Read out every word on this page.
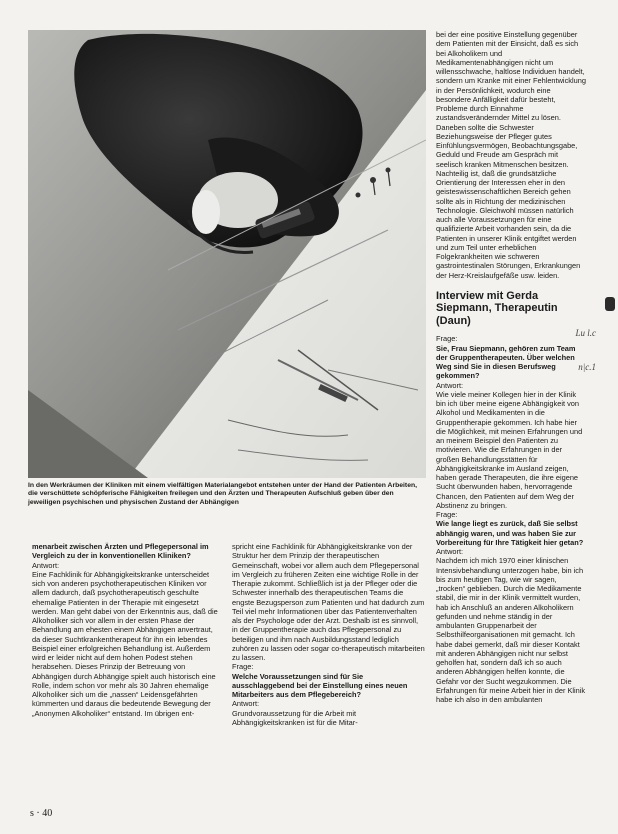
In den Werkräumen der Kliniken mit einem vielfältigen Materialangebot entstehen unter der Hand der Patienten Arbeiten, die verschüttete schöpferische Fähigkeiten freilegen und den Ärzten und Therapeuten Aufschluß geben über den jeweiligen psychischen und physischen Zustand der Abhängigen

bei der eine positive Einstellung gegenüber dem Patienten mit der Einsicht, daß es sich bei Alkoholikern und Medikamentenabhängigen nicht um willensschwache, haltlose Individuen handelt, sondern um Kranke mit einer Fehlentwicklung in der Persönlichkeit, wodurch eine besondere Anfälligkeit dafür besteht, Probleme durch Einnahme zustandsverändernder Mittel zu lösen. Daneben sollte die Schwester Beziehungsweise der Pfleger gutes Einfühlungsvermögen, Beobachtungsgabe, Geduld und Freude am Gespräch mit seelisch kranken Mitmenschen besitzen. Nachteilig ist, daß die grundsätzliche Orientierung der Interessen eher in den geisteswissenschaftlichen Bereich gehen sollte als in Richtung der medizinischen Technologie. Gleichwohl müssen natürlich auch alle Voraussetzungen für eine qualifizierte Arbeit vorhanden sein, da die Patienten in unserer Klinik entgiftet werden und zum Teil unter erheblichen Folgekrankheiten wie schweren gastrointestinalen Störungen, Erkrankungen der Herz-Kreislaufgefäße usw. leiden.

Interview mit Gerda Siepmann, Therapeutin (Daun)

Frage:

Sie, Frau Siepmann, gehören zum Team der Gruppentherapeuten. Über welchen Weg sind Sie in diesen Berufsweg gekommen?

Antwort:

Wie viele meiner Kollegen hier in der Klinik bin ich über meine eigene Abhängigkeit von Alkohol und Medikamenten in die Gruppentherapie gekommen. Ich habe hier die Möglichkeit, mit meinen Erfahrungen und an meinem Beispiel den Patienten zu motivieren. Wie die Erfahrungen in der großen Behandlungsstätten für Abhängigkeitskranke im Ausland zeigen, haben gerade Therapeuten, die ihre eigene Sucht überwunden haben, hervorragende Chancen, den Patienten auf dem Weg der Abstinenz zu bringen.

Frage:

Wie lange liegt es zurück, daß Sie selbst abhängig waren, und was haben Sie zur Vorbereitung für Ihre Tätigkeit hier getan?

Antwort:

Nachdem ich mich 1970 einer klinischen Intensivbehandlung unterzogen habe, bin ich bis zum heutigen Tag, wie wir sagen, „trocken“ geblieben. Durch die Medikamente stabil, die mir in der Klinik vermittelt wurden, hab ich Anschluß an anderen Alkoholikern gefunden und nehme ständig in der ambulanten Gruppenarbeit der Selbsthilfeorganisationen mit gemacht. Ich habe dabei gemerkt, daß mir dieser Kontakt mit anderen Abhängigen nicht nur selbst geholfen hat, sondern daß ich so auch anderen Abhängigen helfen konnte, die Gefahr vor der Sucht wegzukommen. Die Erfahrungen für meine Arbeit hier in der Klinik habe ich also in den ambulanten

menarbeit zwischen Ärzten und Pflegepersonal im Vergleich zu der in konventionellen Kliniken?

Antwort:

Eine Fachklinik für Abhängigkeitskranke unterscheidet sich von anderen psychotherapeutischen Kliniken vor allem dadurch, daß psychotherapeutisch geschulte ehemalige Patienten in der Therapie mit eingesetzt werden. Man geht dabei von der Erkenntnis aus, daß die Alkoholiker sich vor allem in der ersten Phase der Behandlung am ehesten einem Abhängigen anvertraut, da dieser Suchtkrankentherapeut für ihn ein lebendes Beispiel einer erfolgreichen Behandlung ist. Außerdem wird er leider nicht auf dem hohen Podest stehen herabsehen. Dieses Prinzip der Betreuung von Abhängigen durch Abhängige spielt auch historisch eine Rolle, indem schon vor mehr als 30 Jahren ehemalige Alkoholiker sich um die „nassen“ Leidensgefährten kümmerten und daraus die bedeutende Bewegung der „Anonymen Alkoholiker“ entstand. Im übrigen ent-

spricht eine Fachklinik für Abhängigkeitskranke von der Struktur her dem Prinzip der therapeutischen Gemeinschaft, wobei vor allem auch dem Pflegepersonal im Vergleich zu früheren Zeiten eine wichtige Rolle in der Therapie zukommt. Schließlich ist ja der Pfleger oder die Schwester innerhalb des therapeutischen Teams die engste Bezugsperson zum Patienten und hat dadurch zum Teil viel mehr Informationen über das Patientenverhalten als der Psychologe oder der Arzt. Deshalb ist es sinnvoll, in der Gruppentherapie auch das Pflegepersonal zu beteiligen und ihm nach Ausbildungsstand lediglich zuhören zu lassen oder sogar co-therapeutisch mitarbeiten zu lassen.

Frage:

Welche Voraussetzungen sind für Sie ausschlaggebend bei der Einstellung eines neuen Mitarbeiters aus dem Pflegebereich?

Antwort:

Grundvoraussetzung für die Arbeit mit Abhängigkeitskranken ist für die Mitar-

Lu l.c
n|c.1
s · 40
